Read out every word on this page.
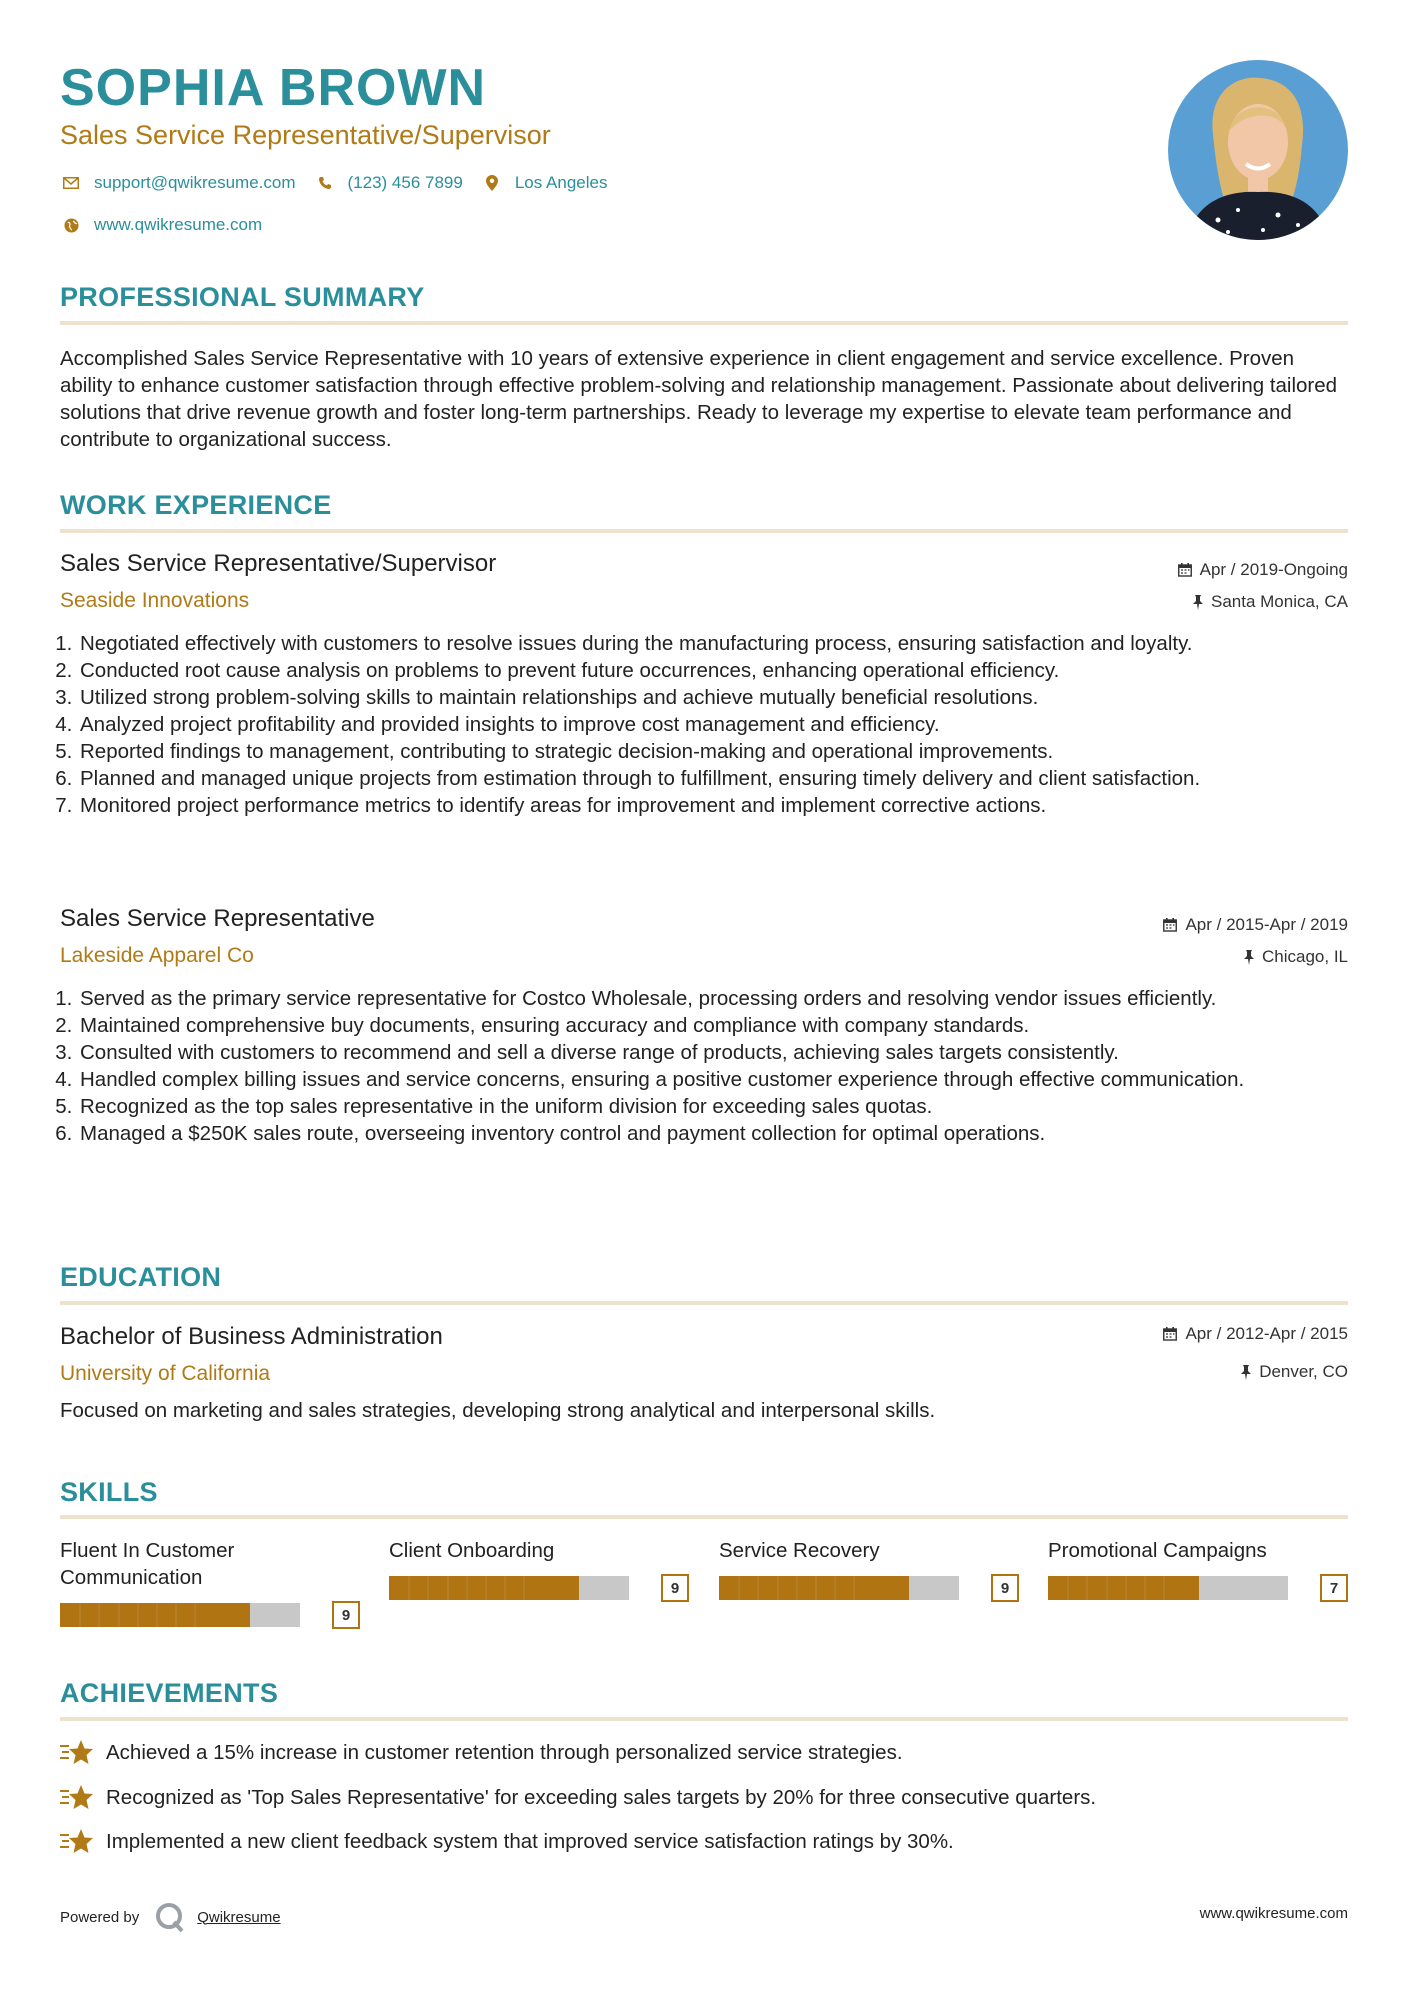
SOPHIA BROWN
Sales Service Representative/Supervisor
support@qwikresume.com	(123) 456 7899	Los Angeles
www.qwikresume.com
PROFESSIONAL SUMMARY
Accomplished Sales Service Representative with 10 years of extensive experience in client engagement and service excellence. Proven ability to enhance customer satisfaction through effective problem-solving and relationship management. Passionate about delivering tailored solutions that drive revenue growth and foster long-term partnerships. Ready to leverage my expertise to elevate team performance and contribute to organizational success.
WORK EXPERIENCE
Sales Service Representative/Supervisor
Seaside Innovations
Apr / 2019-Ongoing
Santa Monica, CA
1. Negotiated effectively with customers to resolve issues during the manufacturing process, ensuring satisfaction and loyalty.
2. Conducted root cause analysis on problems to prevent future occurrences, enhancing operational efficiency.
3. Utilized strong problem-solving skills to maintain relationships and achieve mutually beneficial resolutions.
4. Analyzed project profitability and provided insights to improve cost management and efficiency.
5. Reported findings to management, contributing to strategic decision-making and operational improvements.
6. Planned and managed unique projects from estimation through to fulfillment, ensuring timely delivery and client satisfaction.
7. Monitored project performance metrics to identify areas for improvement and implement corrective actions.
Sales Service Representative
Lakeside Apparel Co
Apr / 2015-Apr / 2019
Chicago, IL
1. Served as the primary service representative for Costco Wholesale, processing orders and resolving vendor issues efficiently.
2. Maintained comprehensive buy documents, ensuring accuracy and compliance with company standards.
3. Consulted with customers to recommend and sell a diverse range of products, achieving sales targets consistently.
4. Handled complex billing issues and service concerns, ensuring a positive customer experience through effective communication.
5. Recognized as the top sales representative in the uniform division for exceeding sales quotas.
6. Managed a $250K sales route, overseeing inventory control and payment collection for optimal operations.
EDUCATION
Bachelor of Business Administration
University of California
Apr / 2012-Apr / 2015
Denver, CO
Focused on marketing and sales strategies, developing strong analytical and interpersonal skills.
SKILLS
Fluent In Customer Communication
9
Client Onboarding
9
Service Recovery
9
Promotional Campaigns
7
ACHIEVEMENTS
Achieved a 15% increase in customer retention through personalized service strategies.
Recognized as 'Top Sales Representative' for exceeding sales targets by 20% for three consecutive quarters.
Implemented a new client feedback system that improved service satisfaction ratings by 30%.
Powered by	Qwikresume	www.qwikresume.com
